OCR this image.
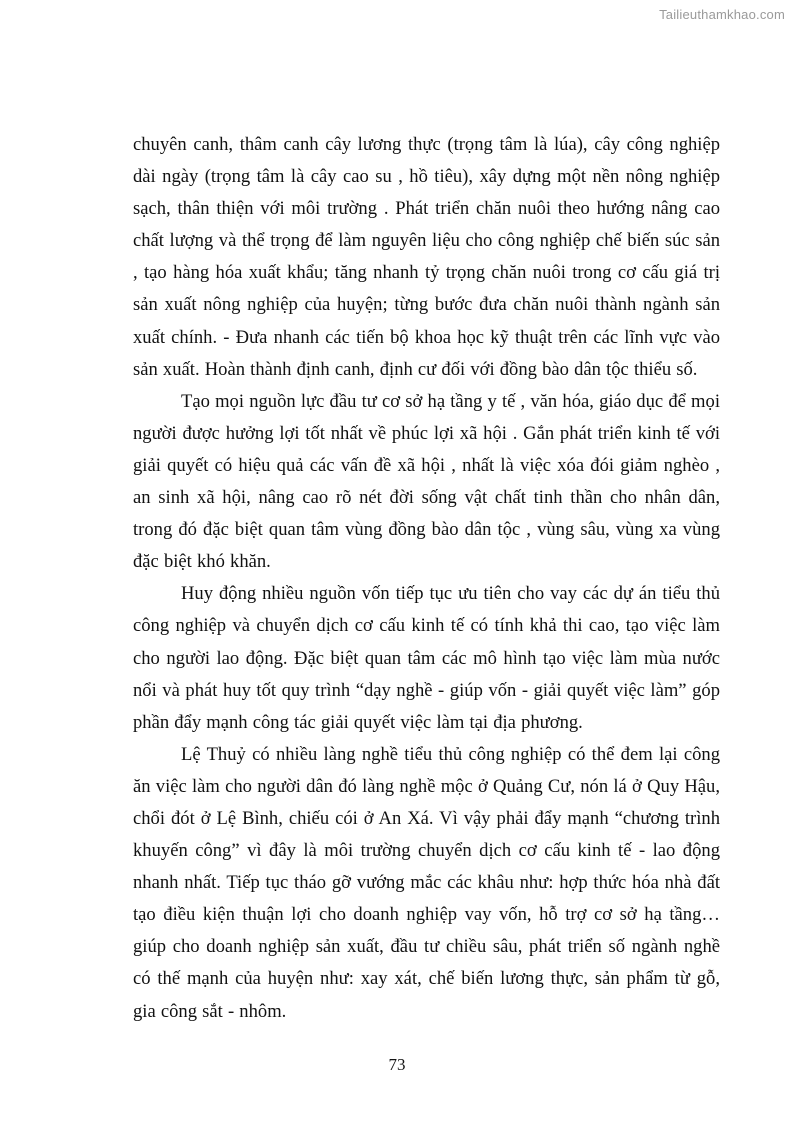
Tailieuthamkhao.com

chuyên canh, thâm canh cây lương thực (trọng tâm là lúa), cây công nghiệp dài ngày (trọng tâm là cây cao su , hồ tiêu), xây dựng một nền nông nghiệp sạch, thân thiện với môi trường . Phát triển chăn nuôi theo hướng nâng cao chất lượng và thể trọng để làm nguyên liệu cho công nghiệp chế biến súc sản , tạo hàng hóa xuất khẩu; tăng nhanh tỷ trọng chăn nuôi trong cơ cấu giá trị sản xuất nông nghiệp của huyện; từng bước đưa chăn nuôi thành ngành sản xuất chính. - Đưa nhanh các tiến bộ khoa học kỹ thuật trên các lĩnh vực vào sản xuất. Hoàn thành định canh, định cư đối với đồng bào dân tộc thiểu số.

Tạo mọi nguồn lực đầu tư cơ sở hạ tầng y tế , văn hóa, giáo dục để mọi người được hưởng lợi tốt nhất về phúc lợi xã hội . Gắn phát triển kinh tế với giải quyết có hiệu quả các vấn đề xã hội , nhất là việc xóa đói giảm nghèo , an sinh xã hội, nâng cao rõ nét đời sống vật chất tinh thần cho nhân dân, trong đó đặc biệt quan tâm vùng đồng bào dân tộc , vùng sâu, vùng xa vùng đặc biệt khó khăn.

Huy động nhiều nguồn vốn tiếp tục ưu tiên cho vay các dự án tiểu thủ công nghiệp và chuyển dịch cơ cấu kinh tế có tính khả thi cao, tạo việc làm cho người lao động. Đặc biệt quan tâm các mô hình tạo việc làm mùa nước nổi và phát huy tốt quy trình “dạy nghề - giúp vốn - giải quyết việc làm” góp phần đẩy mạnh công tác giải quyết việc làm tại địa phương.

Lệ Thuỷ có nhiều làng nghề tiểu thủ công nghiệp có thể đem lại công ăn việc làm cho người dân đó làng nghề mộc ở Quảng Cư, nón lá ở Quy Hậu, chổi đót ở Lệ Bình, chiếu cói ở An Xá. Vì vậy phải đẩy mạnh “chương trình khuyến công” vì đây là môi trường chuyển dịch cơ cấu kinh tế - lao động nhanh nhất. Tiếp tục tháo gỡ vướng mắc các khâu như: hợp thức hóa nhà đất tạo điều kiện thuận lợi cho doanh nghiệp vay vốn, hỗ trợ cơ sở hạ tầng… giúp cho doanh nghiệp sản xuất, đầu tư chiều sâu, phát triển số ngành nghề có thế mạnh của huyện như: xay xát, chế biến lương thực, sản phẩm từ gỗ, gia công sắt - nhôm.

73
